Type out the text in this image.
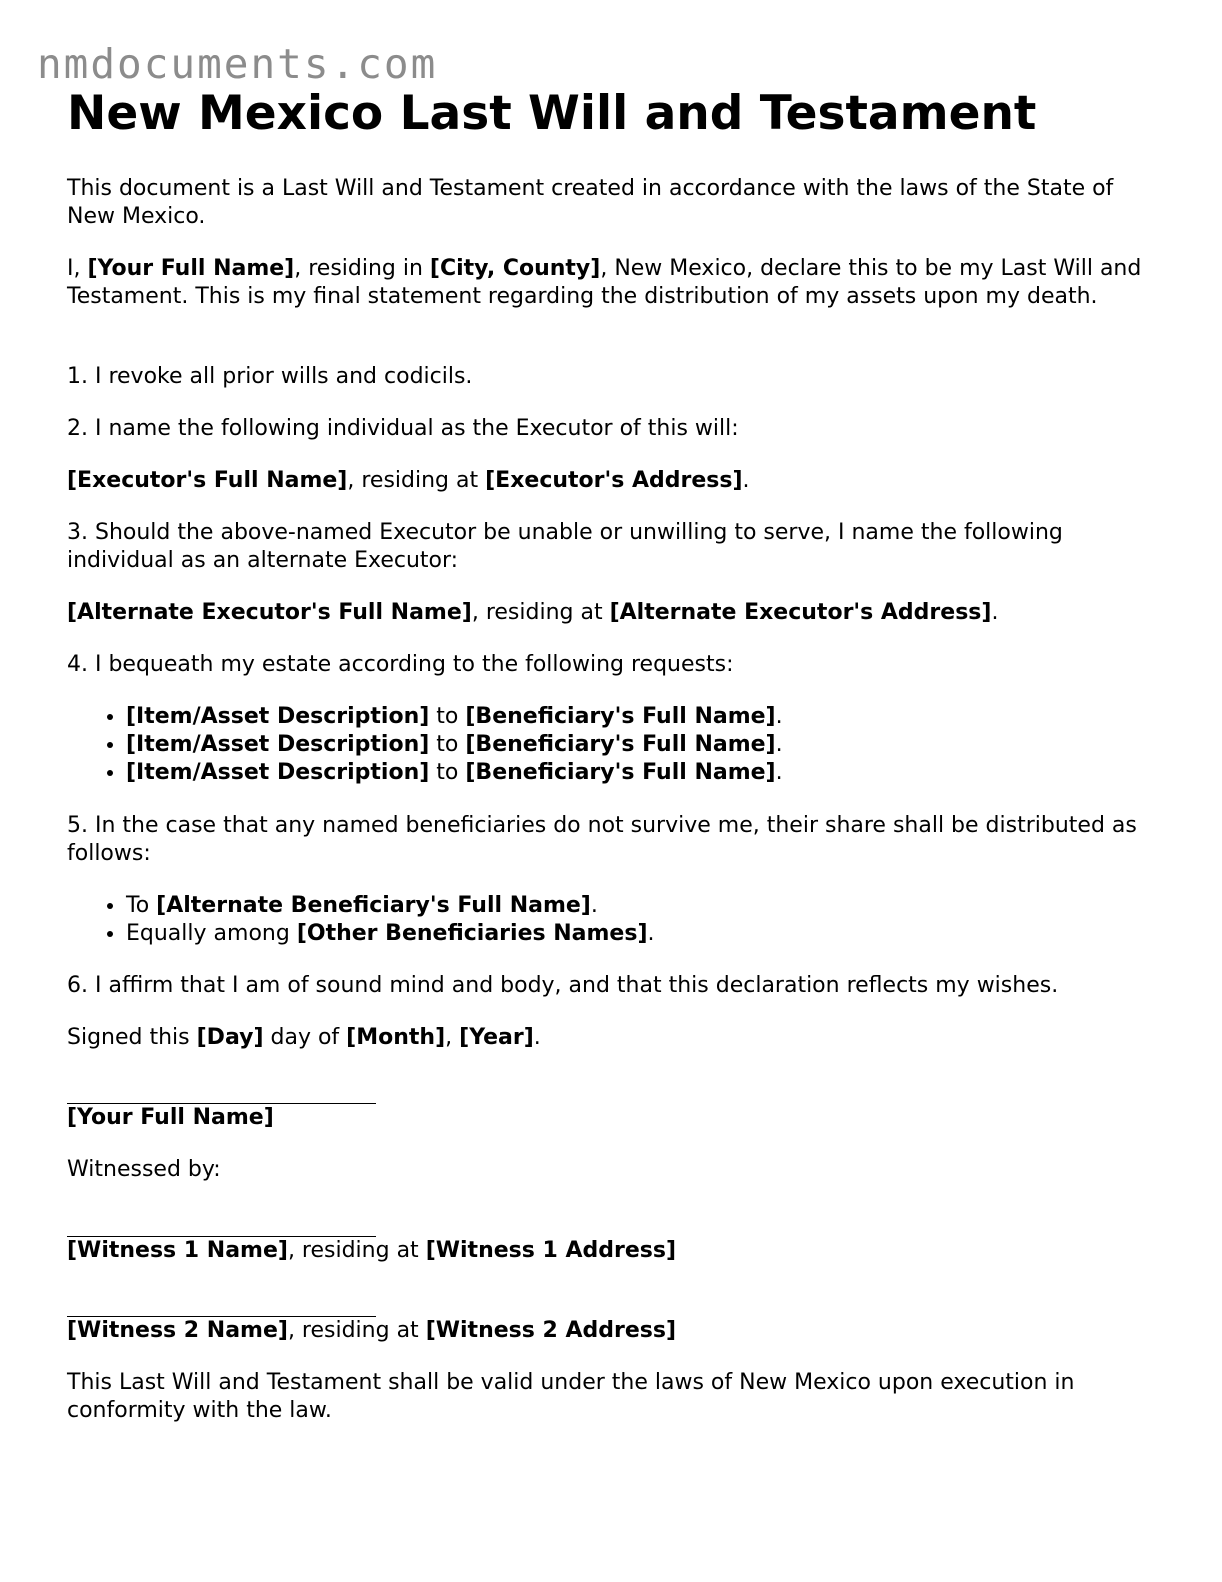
nmdocuments.com
New Mexico Last Will and Testament

This document is a Last Will and Testament created in accordance with the laws of the State of New Mexico.

I, [Your Full Name], residing in [City, County], New Mexico, declare this to be my Last Will and Testament. This is my final statement regarding the distribution of my assets upon my death.

1. I revoke all prior wills and codicils.

2. I name the following individual as the Executor of this will:

[Executor's Full Name], residing at [Executor's Address].

3. Should the above-named Executor be unable or unwilling to serve, I name the following individual as an alternate Executor:

[Alternate Executor's Full Name], residing at [Alternate Executor's Address].

4. I bequeath my estate according to the following requests:

• [Item/Asset Description] to [Beneficiary's Full Name].
• [Item/Asset Description] to [Beneficiary's Full Name].
• [Item/Asset Description] to [Beneficiary's Full Name].

5. In the case that any named beneficiaries do not survive me, their share shall be distributed as follows:

• To [Alternate Beneficiary's Full Name].
• Equally among [Other Beneficiaries Names].

6. I affirm that I am of sound mind and body, and that this declaration reflects my wishes.

Signed this [Day] day of [Month], [Year].

[Your Full Name]

Witnessed by:

[Witness 1 Name], residing at [Witness 1 Address]

[Witness 2 Name], residing at [Witness 2 Address]

This Last Will and Testament shall be valid under the laws of New Mexico upon execution in conformity with the law.
